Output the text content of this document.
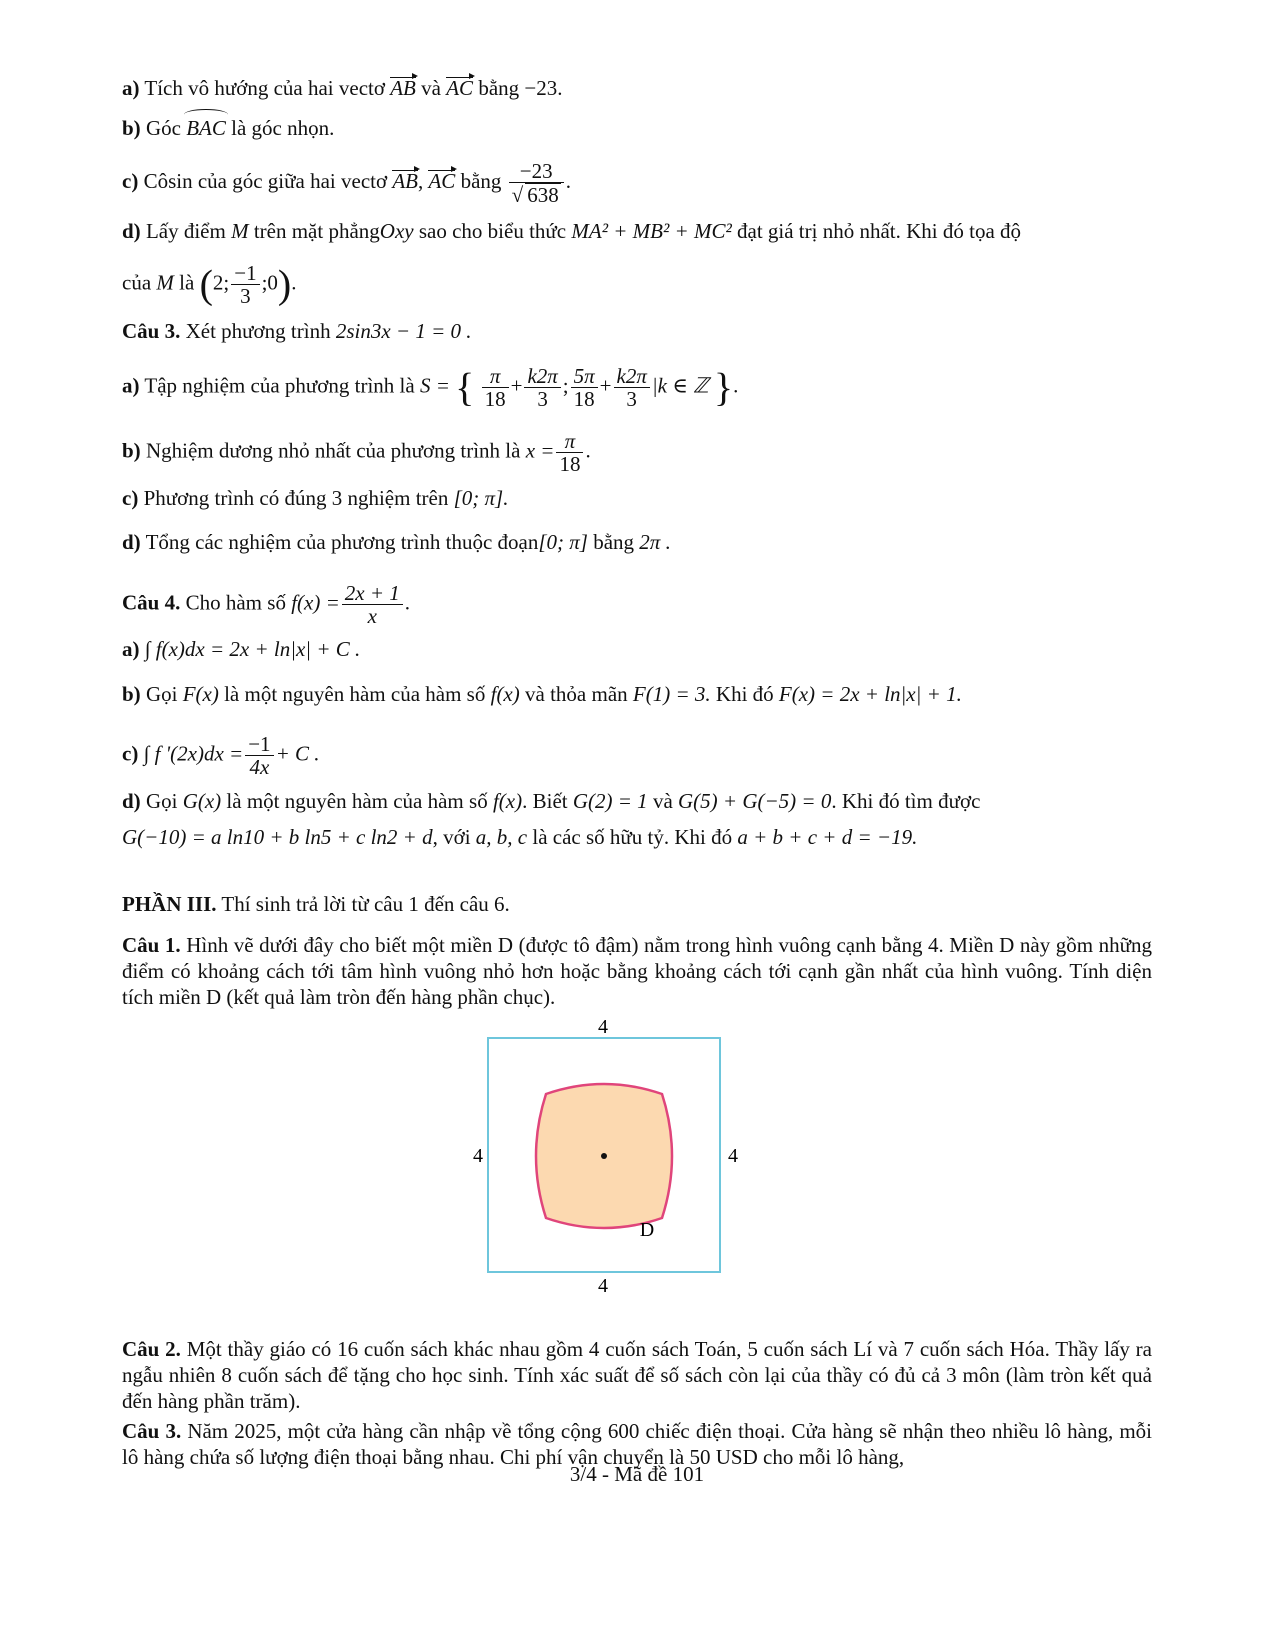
a) Tích vô hướng của hai vectơ AB và AC bằng −23.
b) Góc BAC là góc nhọn.
c) Côsin của góc giữa hai vectơ AB, AC bằng $\frac{-23}{√ 638}$ .
d) Lấy điểm M trên mặt phẳngOxy sao cho biểu thức MA² + MB² + MC² đạt giá trị nhỏ nhất. Khi đó tọa độ
của M là (2; $\frac{-1}{3}$ ;0).
Câu 3. Xét phương trình 2sin3x − 1 = 0 .
a) Tập nghiệm của phương trình là S = { $\frac{\pi}{18} + \frac{k2\pi}{3}$ ; $\frac{5\pi}{18} + \frac{k2\pi}{3} |k$ ∈ ℤ }.
b) Nghiệm dương nhỏ nhất của phương trình là $x = \frac{\pi}{18}$ .
c) Phương trình có đúng 3 nghiệm trên [0; π].
d) Tổng các nghiệm của phương trình thuộc đoạn[0; π] bằng 2π .
Câu 4. Cho hàm số $f(x) = \frac{2x + 1}{x}$ .
a) ∫ f(x)dx = 2x + ln|x| + C .
b) Gọi F(x) là một nguyên hàm của hàm số f(x) và thỏa mãn F(1) = 3. Khi đó F(x) = 2x + ln|x| + 1.
c) ∫ f '$(2x)dx = \frac{-1}{4x} + C$ .
d) Gọi G(x) là một nguyên hàm của hàm số f(x). Biết G(2) = 1 và G(5) + G(−5) = 0. Khi đó tìm được
G(−10) = a ln10 + b ln5 + c ln2 + d, với a, b, c là các số hữu tỷ. Khi đó a + b + c + d = −19.
PHẦN III. Thí sinh trả lời từ câu 1 đến câu 6.
Câu 1. Hình vẽ dưới đây cho biết một miền D (được tô đậm) nằm trong hình vuông cạnh bằng 4. Miền D này gồm những điểm có khoảng cách tới tâm hình vuông nhỏ hơn hoặc bằng khoảng cách tới cạnh gần nhất của hình vuông. Tính diện tích miền D (kết quả làm tròn đến hàng phần chục).
4
4	4
D
4
Câu 2. Một thầy giáo có 16 cuốn sách khác nhau gồm 4 cuốn sách Toán, 5 cuốn sách Lí và 7 cuốn sách Hóa. Thầy lấy ra ngẫu nhiên 8 cuốn sách để tặng cho học sinh. Tính xác suất để số sách còn lại của thầy có đủ cả 3 môn (làm tròn kết quả đến hàng phần trăm).
Câu 3. Năm 2025, một cửa hàng cần nhập về tổng cộng 600 chiếc điện thoại. Cửa hàng sẽ nhận theo nhiều lô hàng, mỗi lô hàng chứa số lượng điện thoại bằng nhau. Chi phí vận chuyển là 50 USD cho mỗi lô hàng,
3/4 - Mã đề 101
